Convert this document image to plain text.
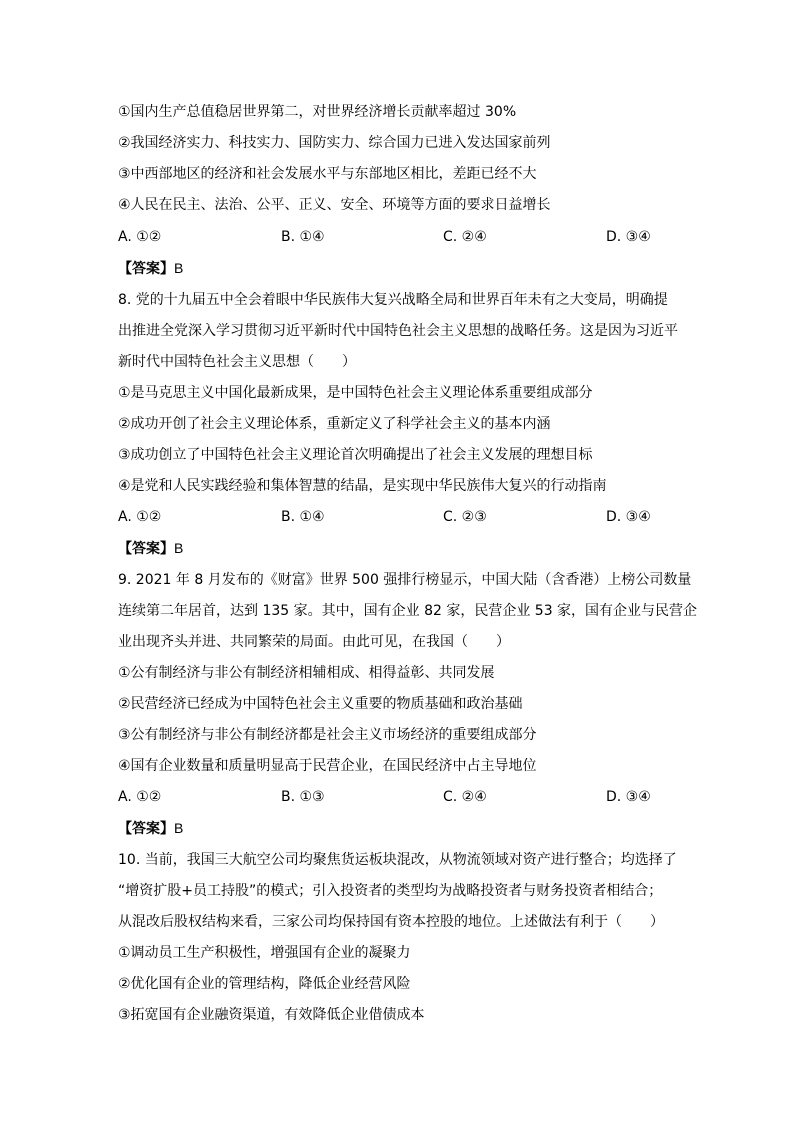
①国内生产总值稳居世界第二，对世界经济增长贡献率超过 30%
②我国经济实力、科技实力、国防实力、综合国力已进入发达国家前列
③中西部地区的经济和社会发展水平与东部地区相比，差距已经不大
④人民在民主、法治、公平、正义、安全、环境等方面的要求日益增长
A. ①②	B. ①④	C. ②④	D. ③④
【答案】B
8. 党的十九届五中全会着眼中华民族伟大复兴战略全局和世界百年未有之大变局，明确提
出推进全党深入学习贯彻习近平新时代中国特色社会主义思想的战略任务。这是因为习近平
新时代中国特色社会主义思想（　　）
①是马克思主义中国化最新成果，是中国特色社会主义理论体系重要组成部分
②成功开创了社会主义理论体系，重新定义了科学社会主义的基本内涵
③成功创立了中国特色社会主义理论首次明确提出了社会主义发展的理想目标
④是党和人民实践经验和集体智慧的结晶，是实现中华民族伟大复兴的行动指南
A. ①②	B. ①④	C. ②③	D. ③④
【答案】B
9. 2021 年 8 月发布的《财富》世界 500 强排行榜显示，中国大陆（含香港）上榜公司数量
连续第二年居首，达到 135 家。其中，国有企业 82 家，民营企业 53 家，国有企业与民营企
业出现齐头并进、共同繁荣的局面。由此可见，在我国（　　）
①公有制经济与非公有制经济相辅相成、相得益彰、共同发展
②民营经济已经成为中国特色社会主义重要的物质基础和政治基础
③公有制经济与非公有制经济都是社会主义市场经济的重要组成部分
④国有企业数量和质量明显高于民营企业，在国民经济中占主导地位
A. ①②	B. ①③	C. ②④	D. ③④
【答案】B
10. 当前，我国三大航空公司均聚焦货运板块混改，从物流领域对资产进行整合；均选择了
“增资扩股+员工持股”的模式；引入投资者的类型均为战略投资者与财务投资者相结合；
从混改后股权结构来看，三家公司均保持国有资本控股的地位。上述做法有利于（　　）
①调动员工生产积极性，增强国有企业的凝聚力
②优化国有企业的管理结构，降低企业经营风险
③拓宽国有企业融资渠道，有效降低企业借债成本
